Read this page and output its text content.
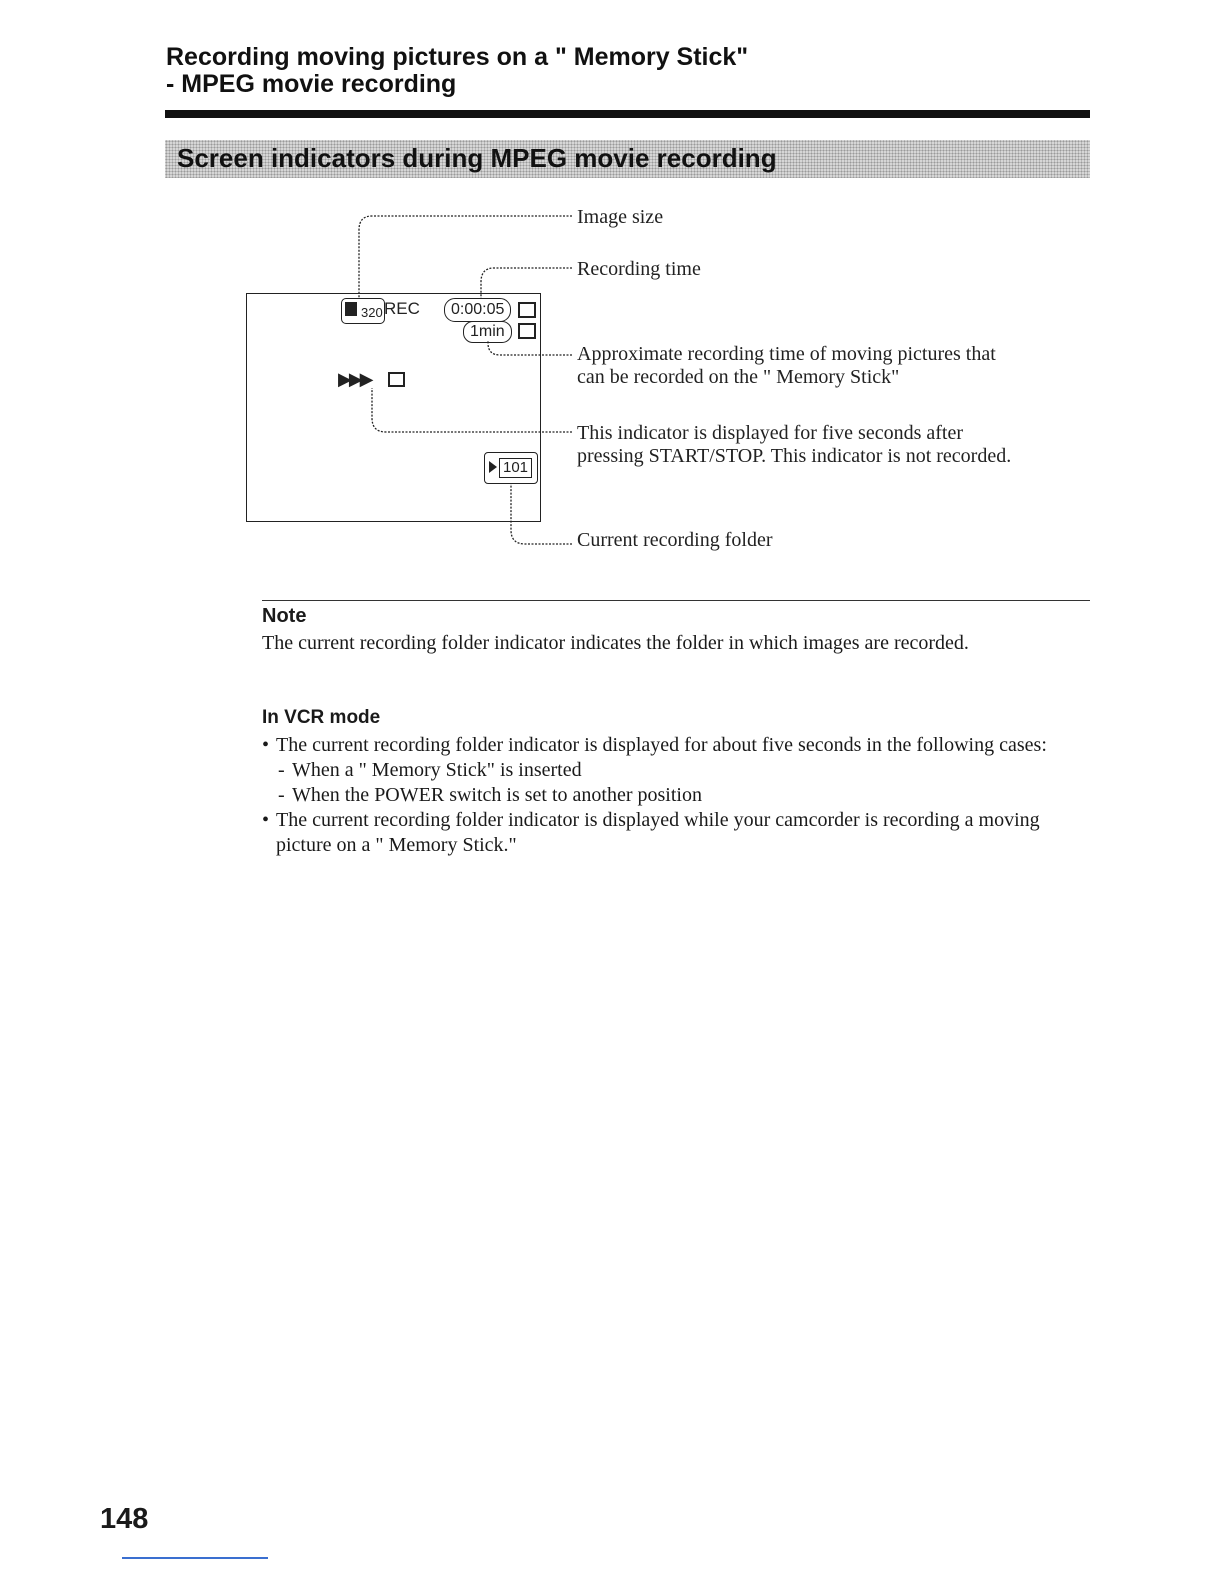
Recording moving pictures on a " Memory Stick"
- MPEG movie recording
Screen indicators during MPEG movie recording
320 REC	0:00:05
1min
▶▶▶
101
Image size
Recording time
Approximate recording time of moving pictures that
can be recorded on the " Memory Stick"
This indicator is displayed for five seconds after
pressing START/STOP. This indicator is not recorded.
Current recording folder
Note
The current recording folder indicator indicates the folder in which images are recorded.
In VCR mode
• The current recording folder indicator is displayed for about five seconds in the following cases:
- When a " Memory Stick" is inserted
- When the POWER switch is set to another position
• The current recording folder indicator is displayed while your camcorder is recording a moving picture on a " Memory Stick."
148
